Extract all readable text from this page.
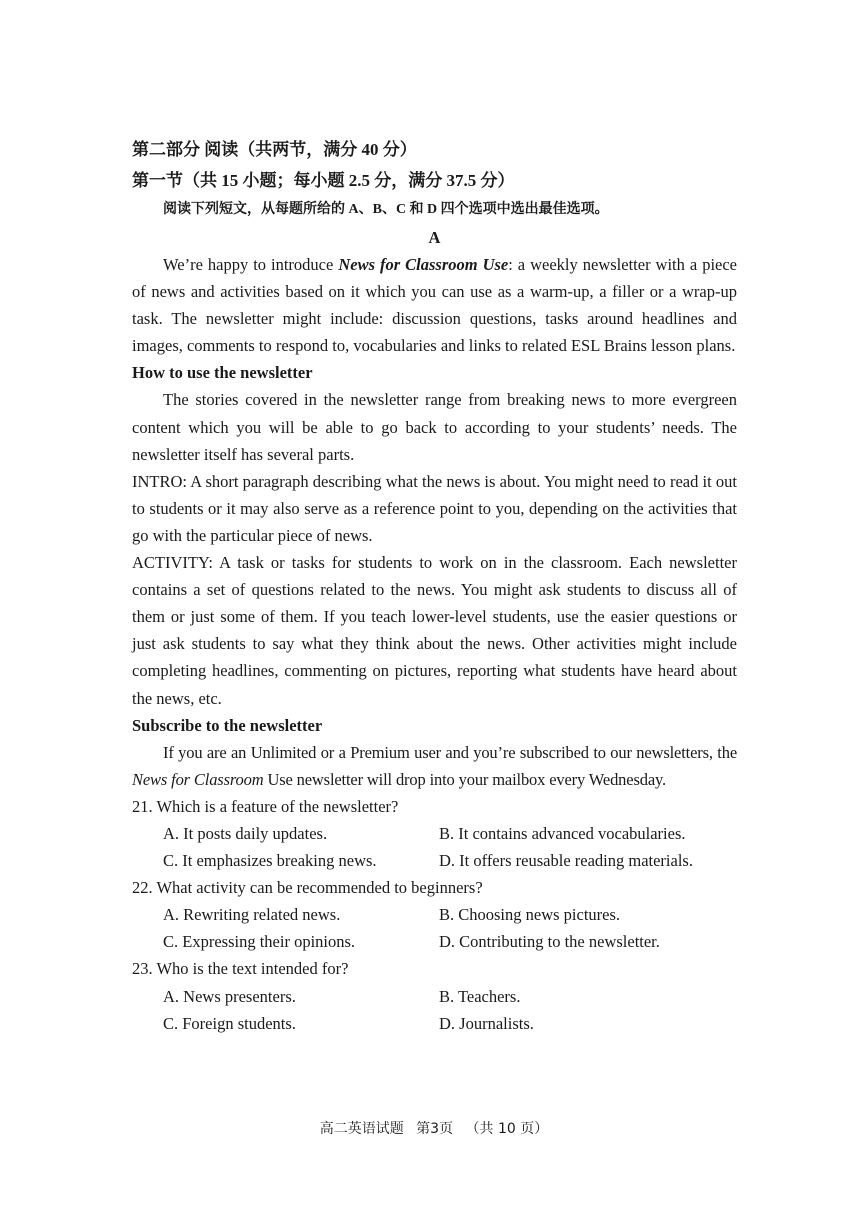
第二部分 阅读（共两节，满分 40 分）
第一节（共 15 小题；每小题 2.5 分，满分 37.5 分）
阅读下列短文，从每题所给的 A、B、C 和 D 四个选项中选出最佳选项。
A

We’re happy to introduce News for Classroom Use: a weekly newsletter with a piece of news and activities based on it which you can use as a warm-up, a filler or a wrap-up task. The newsletter might include: discussion questions, tasks around headlines and images, comments to respond to, vocabularies and links to related ESL Brains lesson plans.

How to use the newsletter

The stories covered in the newsletter range from breaking news to more evergreen content which you will be able to go back to according to your students’ needs. The newsletter itself has several parts.

INTRO: A short paragraph describing what the news is about. You might need to read it out to students or it may also serve as a reference point to you, depending on the activities that go with the particular piece of news.

ACTIVITY: A task or tasks for students to work on in the classroom. Each newsletter contains a set of questions related to the news. You might ask students to discuss all of them or just some of them. If you teach lower-level students, use the easier questions or just ask students to say what they think about the news. Other activities might include completing headlines, commenting on pictures, reporting what students have heard about the news, etc.

Subscribe to the newsletter

If you are an Unlimited or a Premium user and you’re subscribed to our newsletters, the News for Classroom Use newsletter will drop into your mailbox every Wednesday.

21. Which is a feature of the newsletter?
A. It posts daily updates.	B. It contains advanced vocabularies.
C. It emphasizes breaking news.	D. It offers reusable reading materials.
22. What activity can be recommended to beginners?
A. Rewriting related news.	B. Choosing news pictures.
C. Expressing their opinions.	D. Contributing to the newsletter.
23. Who is the text intended for?
A. News presenters.	B. Teachers.
C. Foreign students.	D. Journalists.
高二英语试题 第3页 （共 10 页）
